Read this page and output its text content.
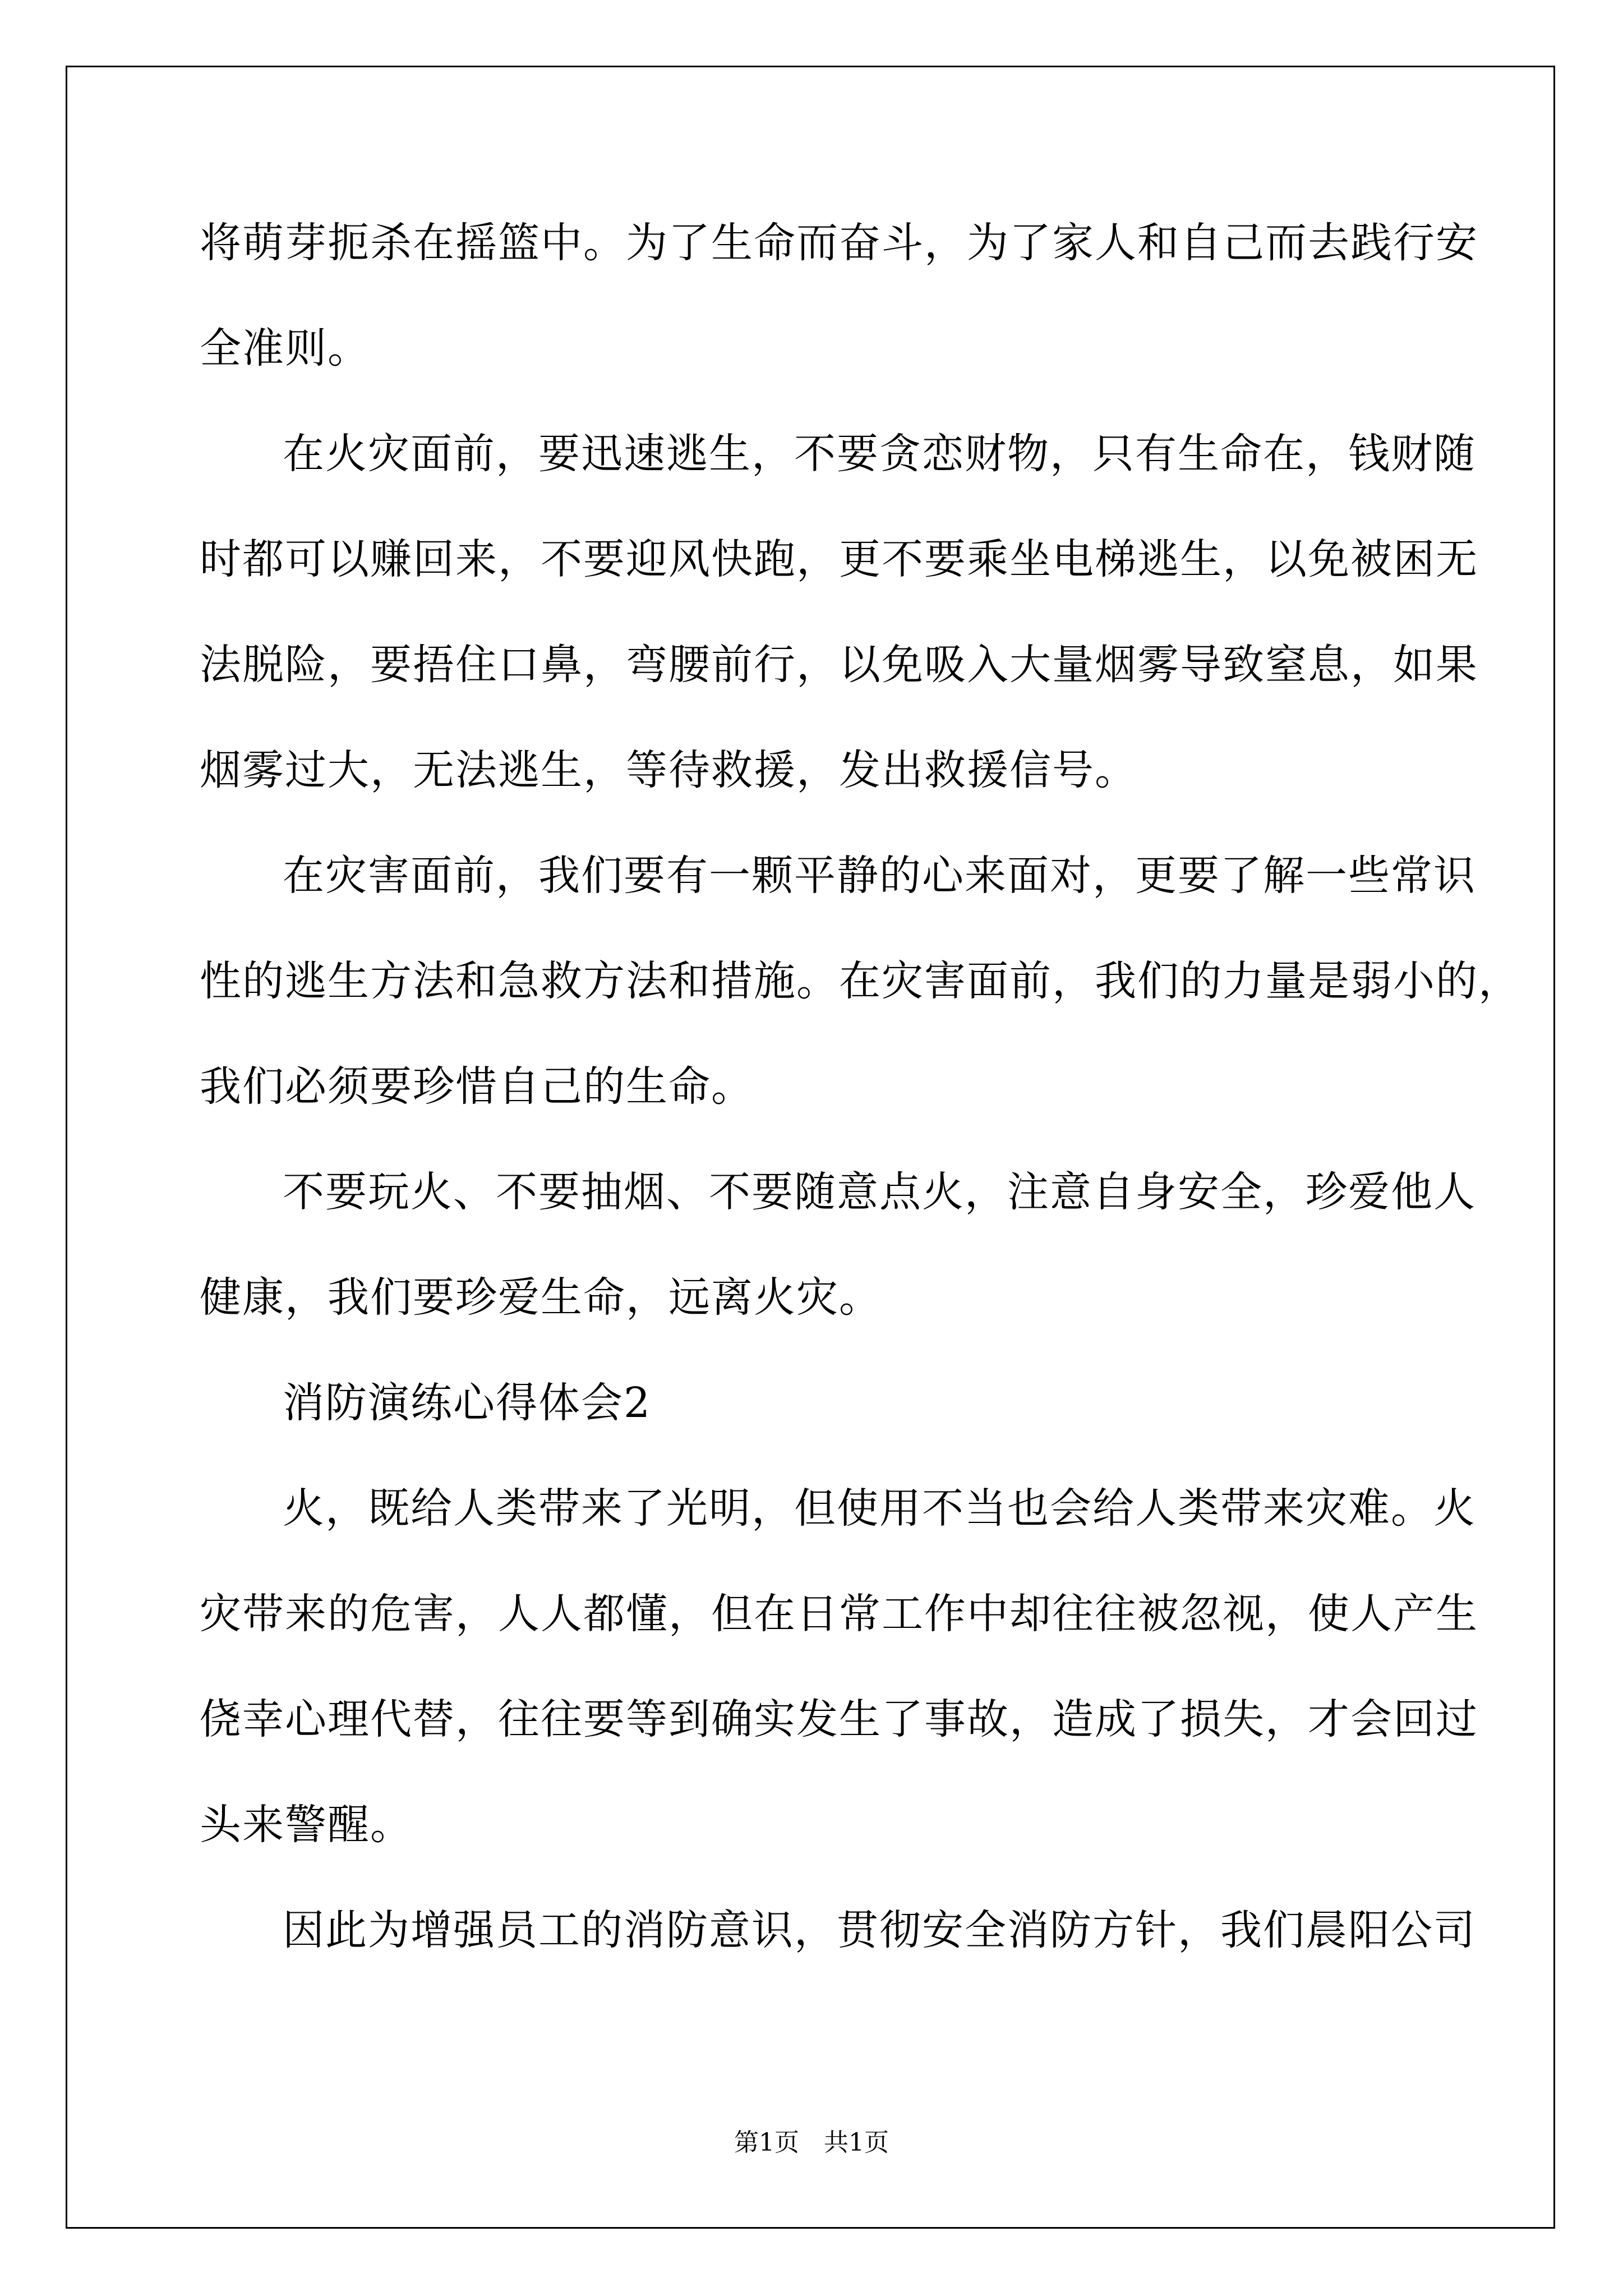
将萌芽扼杀在摇篮中。为了生命而奋斗，为了家人和自己而去践行安
全准则。
在火灾面前，要迅速逃生，不要贪恋财物，只有生命在，钱财随
时都可以赚回来，不要迎风快跑，更不要乘坐电梯逃生，以免被困无
法脱险，要捂住口鼻，弯腰前行，以免吸入大量烟雾导致窒息，如果
烟雾过大，无法逃生，等待救援，发出救援信号。
在灾害面前，我们要有一颗平静的心来面对，更要了解一些常识
性的逃生方法和急救方法和措施。在灾害面前，我们的力量是弱小的，
我们必须要珍惜自己的生命。
不要玩火、不要抽烟、不要随意点火，注意自身安全，珍爱他人
健康，我们要珍爱生命，远离火灾。
消防演练心得体会2
火，既给人类带来了光明，但使用不当也会给人类带来灾难。火
灾带来的危害，人人都懂，但在日常工作中却往往被忽视，使人产生
侥幸心理代替，往往要等到确实发生了事故，造成了损失，才会回过
头来警醒。
因此为增强员工的消防意识，贯彻安全消防方针，我们晨阳公司
第1页　共1页
